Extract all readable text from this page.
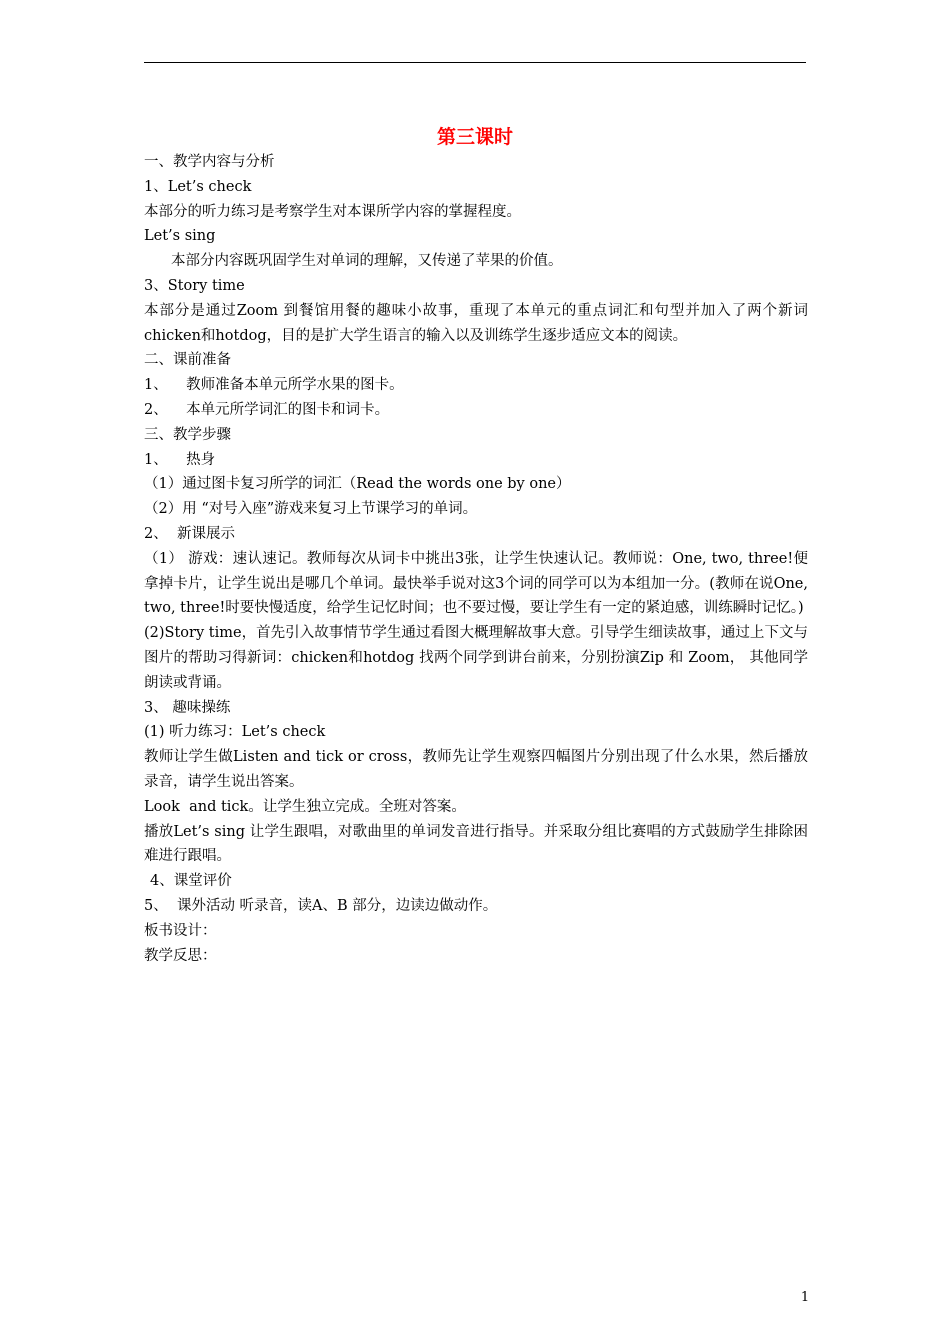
第三课时

一、教学内容与分析

1、Let’s check

本部分的听力练习是考察学生对本课所学内容的掌握程度。

Let’s sing

本部分内容既巩固学生对单词的理解，又传递了苹果的价值。

3、Story time

本部分是通过Zoom 到餐馆用餐的趣味小故事，重现了本单元的重点词汇和句型并加入了两个新词chicken和hotdog，目的是扩大学生语言的输入以及训练学生逐步适应文本的阅读。

二、课前准备

1、    教师准备本单元所学水果的图卡。

2、    本单元所学词汇的图卡和词卡。

三、教学步骤

1、    热身

（1）通过图卡复习所学的词汇（Read the words one by one）

（2）用 “对号入座”游戏来复习上节课学习的单词。

2、  新课展示

（1） 游戏：速认速记。教师每次从词卡中挑出3张，让学生快速认记。教师说：One, two, three!便拿掉卡片，让学生说出是哪几个单词。最快举手说对这3个词的同学可以为本组加一分。(教师在说One, two, three!时要快慢适度，给学生记忆时间；也不要过慢，要让学生有一定的紧迫感，训练瞬时记忆。)

(2)Story time，首先引入故事情节学生通过看图大概理解故事大意。引导学生细读故事，通过上下文与图片的帮助习得新词：chicken和hotdog 找两个同学到讲台前来，分别扮演Zip 和 Zoom， 其他同学朗读或背诵。

3、 趣味操练

(1) 听力练习：Let’s check

教师让学生做Listen and tick or cross，教师先让学生观察四幅图片分别出现了什么水果，然后播放录音，请学生说出答案。

Look  and tick。让学生独立完成。全班对答案。

播放Let’s sing 让学生跟唱，对歌曲里的单词发音进行指导。并采取分组比赛唱的方式鼓励学生排除困难进行跟唱。

4、课堂评价

5、  课外活动 听录音，读A、B 部分，边读边做动作。

板书设计：

教学反思：

1
